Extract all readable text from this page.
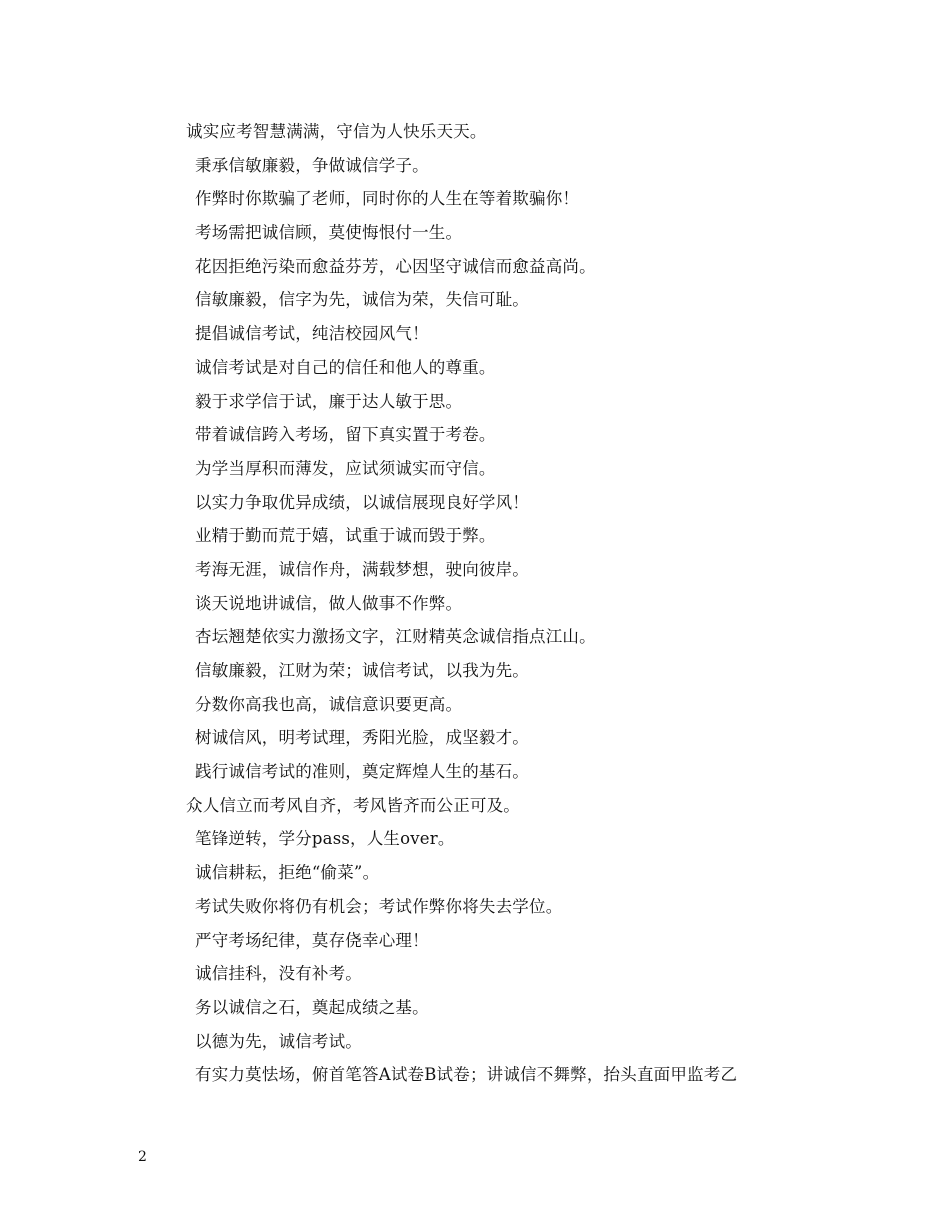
诚实应考智慧满满，守信为人快乐天天。
秉承信敏廉毅，争做诚信学子。
作弊时你欺骗了老师，同时你的人生在等着欺骗你！
考场需把诚信顾，莫使悔恨付一生。
花因拒绝污染而愈益芬芳，心因坚守诚信而愈益高尚。
信敏廉毅，信字为先，诚信为荣，失信可耻。
提倡诚信考试，纯洁校园风气！
诚信考试是对自己的信任和他人的尊重。
毅于求学信于试，廉于达人敏于思。
带着诚信跨入考场，留下真实置于考卷。
为学当厚积而薄发，应试须诚实而守信。
以实力争取优异成绩，以诚信展现良好学风！
业精于勤而荒于嬉，试重于诚而毁于弊。
考海无涯，诚信作舟，满载梦想，驶向彼岸。
谈天说地讲诚信，做人做事不作弊。
杏坛翘楚依实力激扬文字，江财精英念诚信指点江山。
信敏廉毅，江财为荣；诚信考试，以我为先。
分数你高我也高，诚信意识要更高。
树诚信风，明考试理，秀阳光脸，成坚毅才。
践行诚信考试的准则，奠定辉煌人生的基石。
众人信立而考风自齐，考风皆齐而公正可及。
笔锋逆转，学分pass，人生over。
诚信耕耘，拒绝“偷菜”。
考试失败你将仍有机会；考试作弊你将失去学位。
严守考场纪律，莫存侥幸心理！
诚信挂科，没有补考。
务以诚信之石，奠起成绩之基。
以德为先，诚信考试。
有实力莫怯场，俯首笔答A试卷B试卷；讲诚信不舞弊，抬头直面甲监考乙
2
